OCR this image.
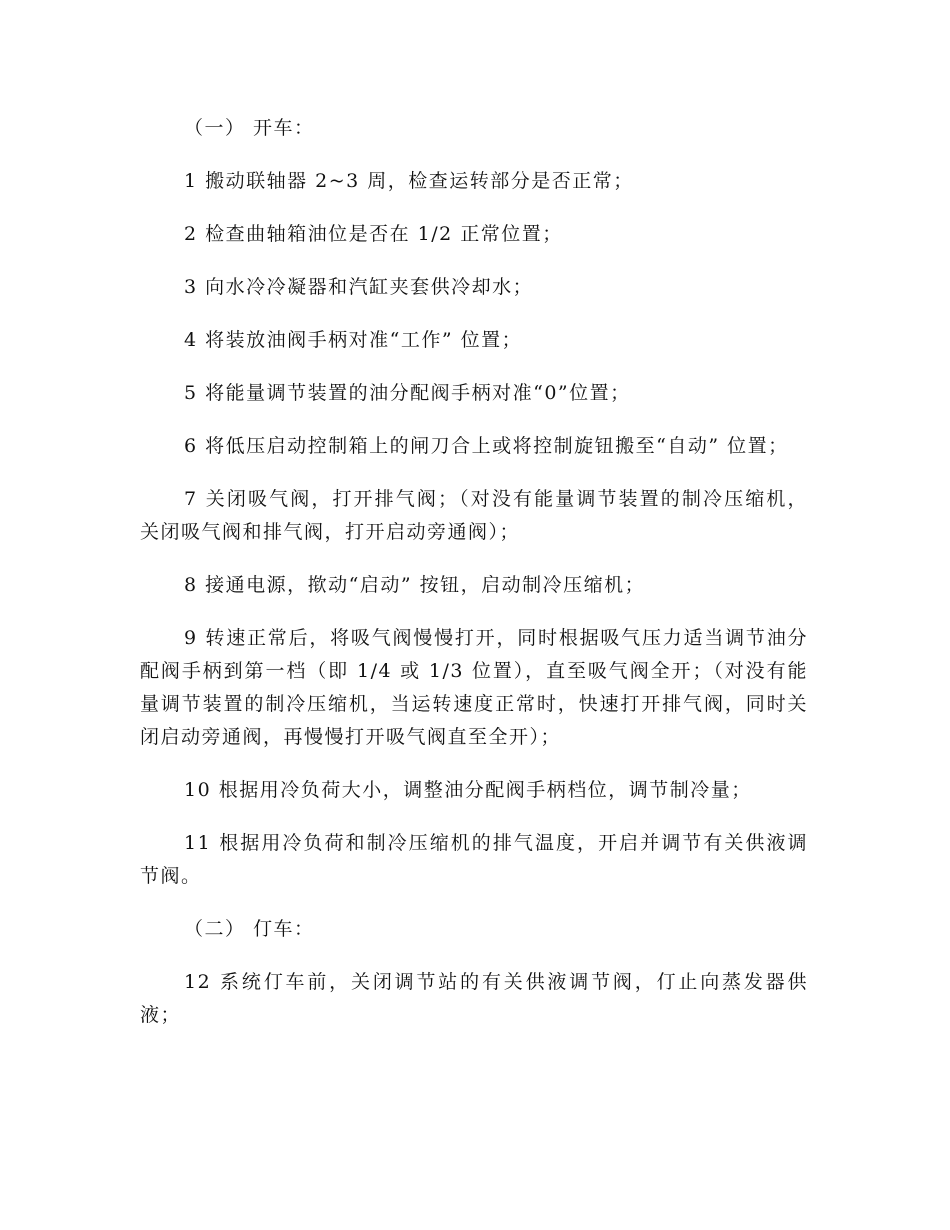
（一） 开车：

1 搬动联轴器 2~3 周，检查运转部分是否正常；

2 检查曲轴箱油位是否在 1/2 正常位置；

3 向水冷冷凝器和汽缸夹套供冷却水；

4 将装放油阀手柄对准“工作” 位置；

5 将能量调节装置的油分配阀手柄对准“0”位置；

6 将低压启动控制箱上的闸刀合上或将控制旋钮搬至“自动” 位置；

7 关闭吸气阀，打开排气阀；（对没有能量调节装置的制冷压缩机，关闭吸气阀和排气阀，打开启动旁通阀）；

8 接通电源，揿动“启动” 按钮，启动制冷压缩机；

9 转速正常后，将吸气阀慢慢打开，同时根据吸气压力适当调节油分配阀手柄到第一档（即 1/4 或 1/3 位置），直至吸气阀全开；（对没有能量调节装置的制冷压缩机，当运转速度正常时，快速打开排气阀，同时关闭启动旁通阀，再慢慢打开吸气阀直至全开）；

10 根据用冷负荷大小，调整油分配阀手柄档位，调节制冷量；

11 根据用冷负荷和制冷压缩机的排气温度，开启并调节有关供液调节阀。

（二） 仃车：

12 系统仃车前，关闭调节站的有关供液调节阀，仃止向蒸发器供液；
